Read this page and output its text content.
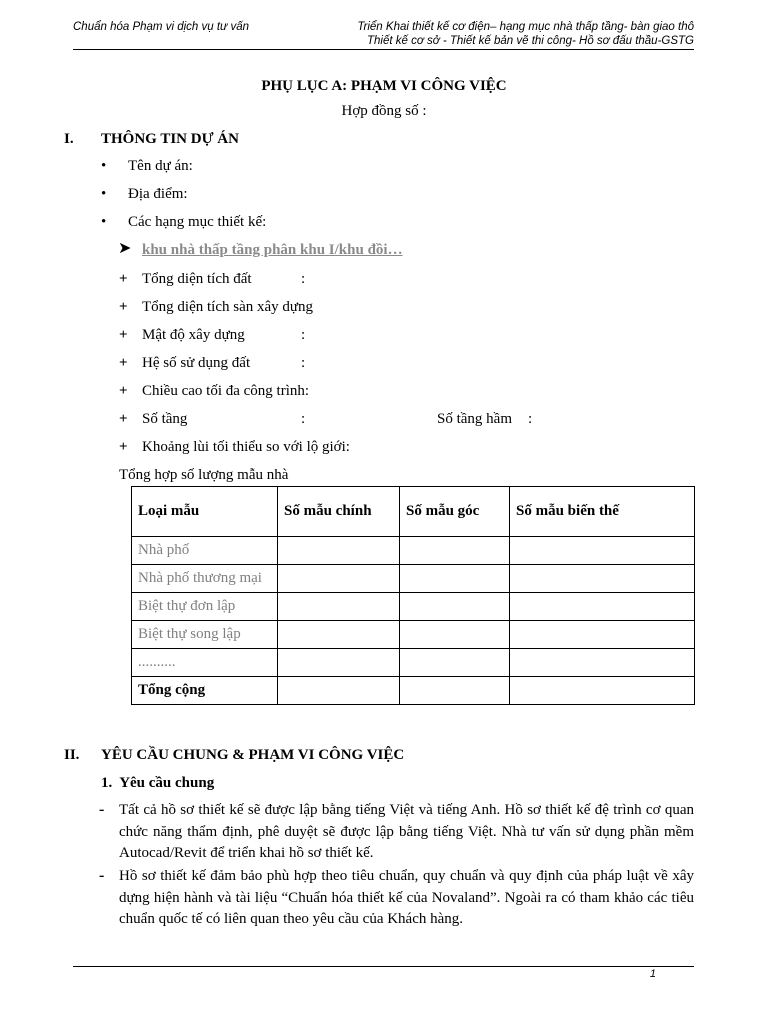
Chuẩn hóa Phạm vi dịch vụ tư vấn	Triển Khai thiết kế cơ điện– hạng mục nhà thấp tầng- bàn giao thô
Thiết kế cơ sở - Thiết kế bản vẽ thi công- Hồ sơ đấu thầu-GSTG
PHỤ LỤC A: PHẠM VI CÔNG VIỆC
Hợp đồng số :
I. THÔNG TIN DỰ ÁN
• Tên dự án:
• Địa điểm:
• Các hạng mục thiết kế:
➤ khu nhà thấp tầng phân khu I/khu đồi…
+ Tổng diện tích đất	:
+ Tổng diện tích sàn xây dựng
+ Mật độ xây dựng	:
+ Hệ số sử dụng đất	:
+ Chiều cao tối đa công trình:
+ Số tầng	:	Số tầng hầm :
+ Khoảng lùi tối thiểu so với lộ giới:
Tổng hợp số lượng mẫu nhà
Loại mẫu	Số mẫu chính	Số mẫu góc	Số mẫu biến thế
Nhà phố			
Nhà phố thương mại			
Biệt thự đơn lập			
Biệt thự song lập			
..........			
Tổng cộng			
II. YÊU CẦU CHUNG & PHẠM VI CÔNG VIỆC
1.  Yêu cầu chung
- Tất cả hồ sơ thiết kế sẽ được lập bằng tiếng Việt và tiếng Anh. Hồ sơ thiết kế đệ trình cơ quan chức năng thẩm định, phê duyệt sẽ được lập bằng tiếng Việt. Nhà tư vấn sử dụng phần mềm Autocad/Revit để triển khai hồ sơ thiết kế.
- Hồ sơ thiết kế đảm bảo phù hợp theo tiêu chuẩn, quy chuẩn và quy định của pháp luật về xây dựng hiện hành và tài liệu “Chuẩn hóa thiết kế của Novaland”. Ngoài ra có tham khảo các tiêu chuẩn quốc tế có liên quan theo yêu cầu của Khách hàng.
1
